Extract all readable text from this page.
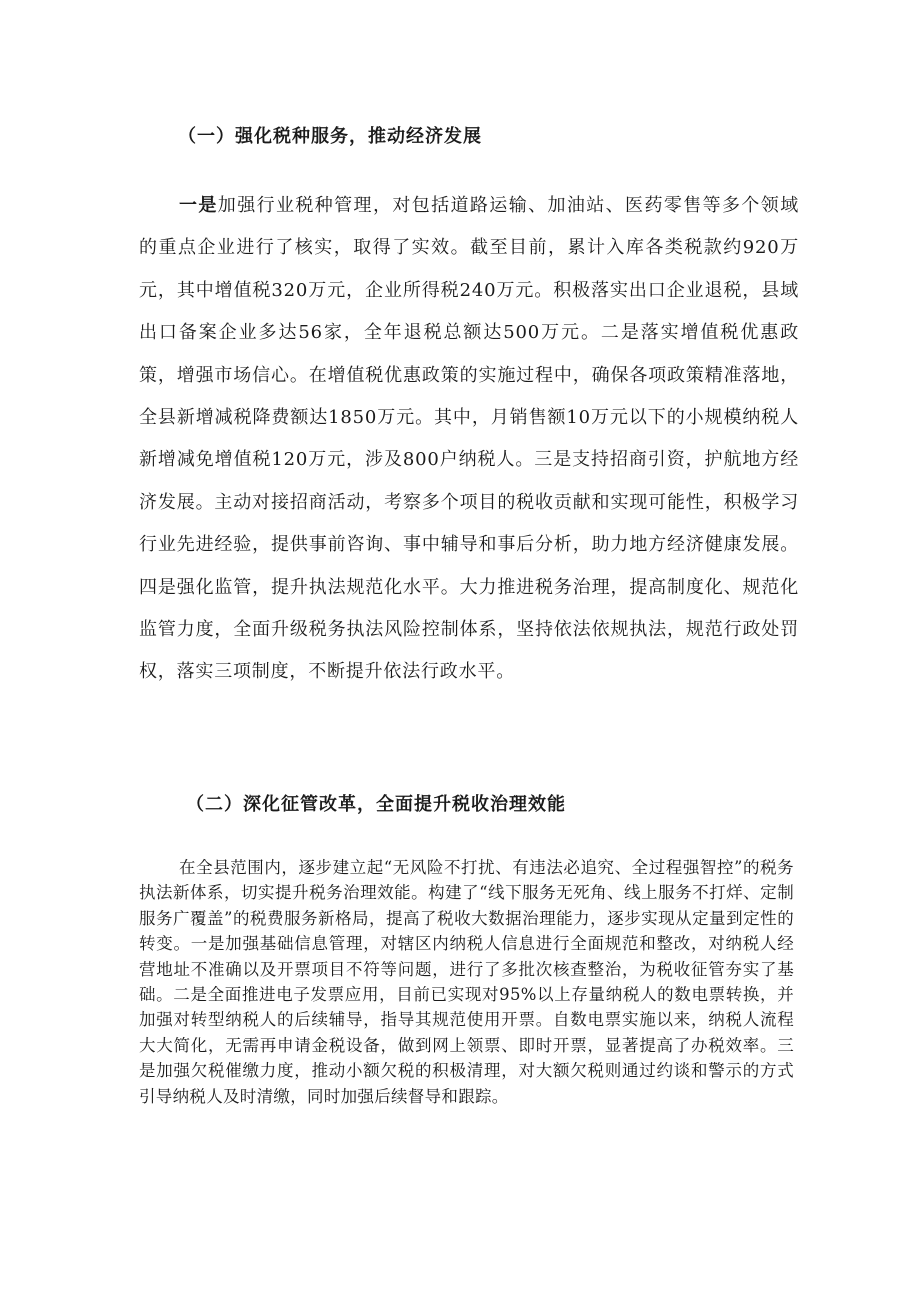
（一）强化税种服务，推动经济发展

一是加强行业税种管理，对包括道路运输、加油站、医药零售等多个领域的重点企业进行了核实，取得了实效。截至目前，累计入库各类税款约920万元，其中增值税320万元，企业所得税240万元。积极落实出口企业退税，县域出口备案企业多达56家，全年退税总额达500万元。二是落实增值税优惠政策，增强市场信心。在增值税优惠政策的实施过程中，确保各项政策精准落地，全县新增减税降费额达1850万元。其中，月销售额10万元以下的小规模纳税人新增减免增值税120万元，涉及800户纳税人。三是支持招商引资，护航地方经济发展。主动对接招商活动，考察多个项目的税收贡献和实现可能性，积极学习行业先进经验，提供事前咨询、事中辅导和事后分析，助力地方经济健康发展。四是强化监管，提升执法规范化水平。大力推进税务治理，提高制度化、规范化监管力度，全面升级税务执法风险控制体系，坚持依法依规执法，规范行政处罚权，落实三项制度，不断提升依法行政水平。

（二）深化征管改革，全面提升税收治理效能

在全县范围内，逐步建立起“无风险不打扰、有违法必追究、全过程强智控”的税务执法新体系，切实提升税务治理效能。构建了“线下服务无死角、线上服务不打烊、定制服务广覆盖”的税费服务新格局，提高了税收大数据治理能力，逐步实现从定量到定性的转变。一是加强基础信息管理，对辖区内纳税人信息进行全面规范和整改，对纳税人经营地址不准确以及开票项目不符等问题，进行了多批次核查整治，为税收征管夯实了基础。二是全面推进电子发票应用，目前已实现对95%以上存量纳税人的数电票转换，并加强对转型纳税人的后续辅导，指导其规范使用开票。自数电票实施以来，纳税人流程大大简化，无需再申请金税设备，做到网上领票、即时开票，显著提高了办税效率。三是加强欠税催缴力度，推动小额欠税的积极清理，对大额欠税则通过约谈和警示的方式引导纳税人及时清缴，同时加强后续督导和跟踪。
